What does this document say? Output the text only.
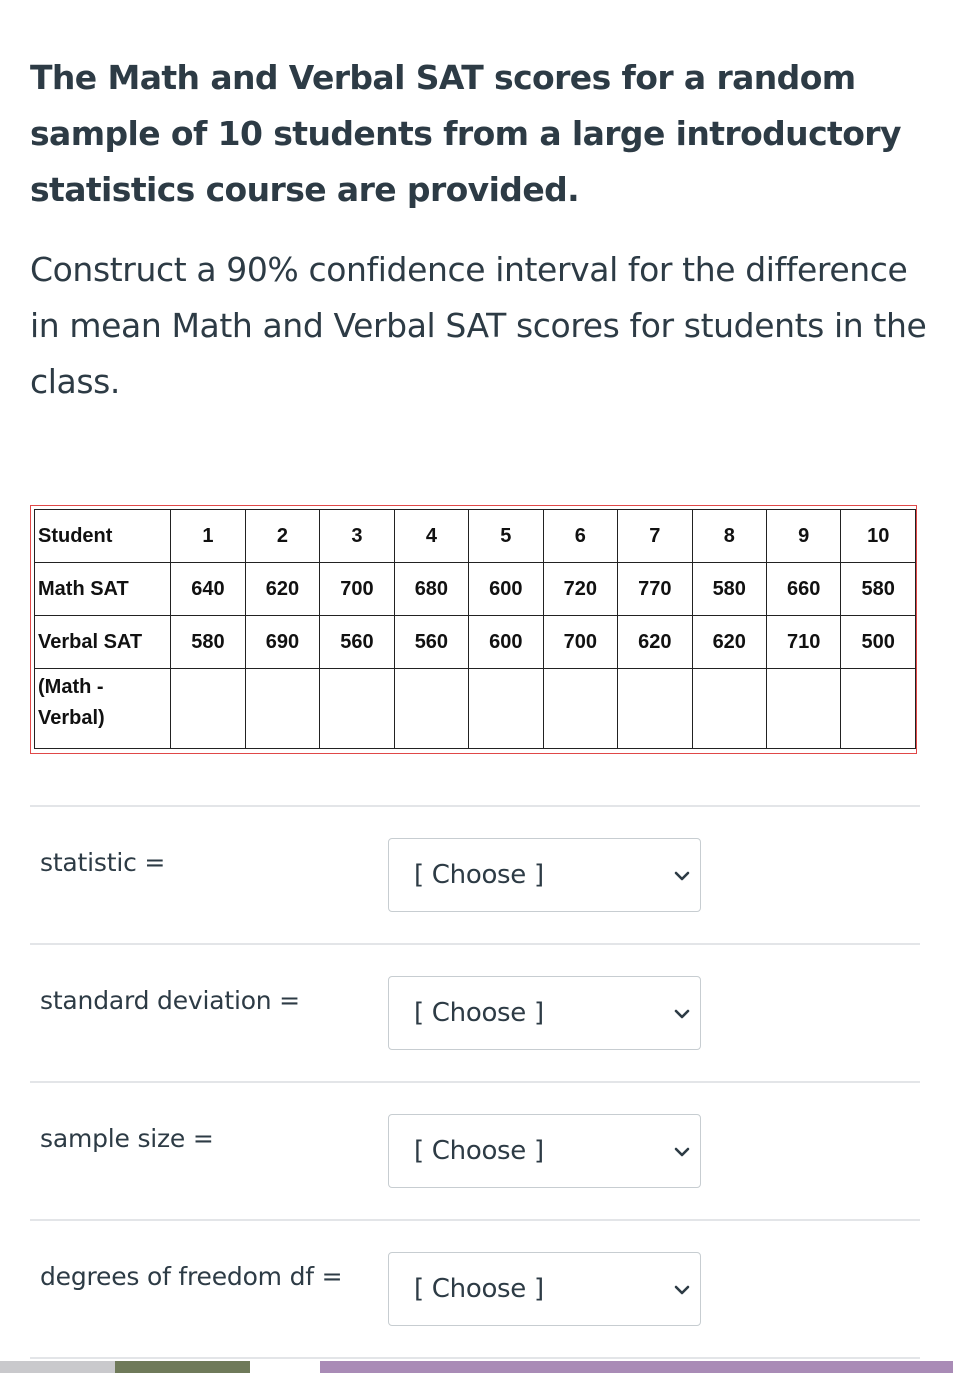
The Math and Verbal SAT scores for a random sample of 10 students from a large introductory statistics course are provided.

Construct a 90% confidence interval for the difference in mean Math and Verbal SAT scores for students in the class.

Student	1	2	3	4	5	6	7	8	9	10
Math SAT	640	620	700	680	600	720	770	580	660	580
Verbal SAT	580	690	560	560	600	700	620	620	710	500

(Math -
Verbal)										

statistic =	[ Choose ]
standard deviation =	[ Choose ]
sample size =	[ Choose ]
degrees of freedom df =	[ Choose ]
